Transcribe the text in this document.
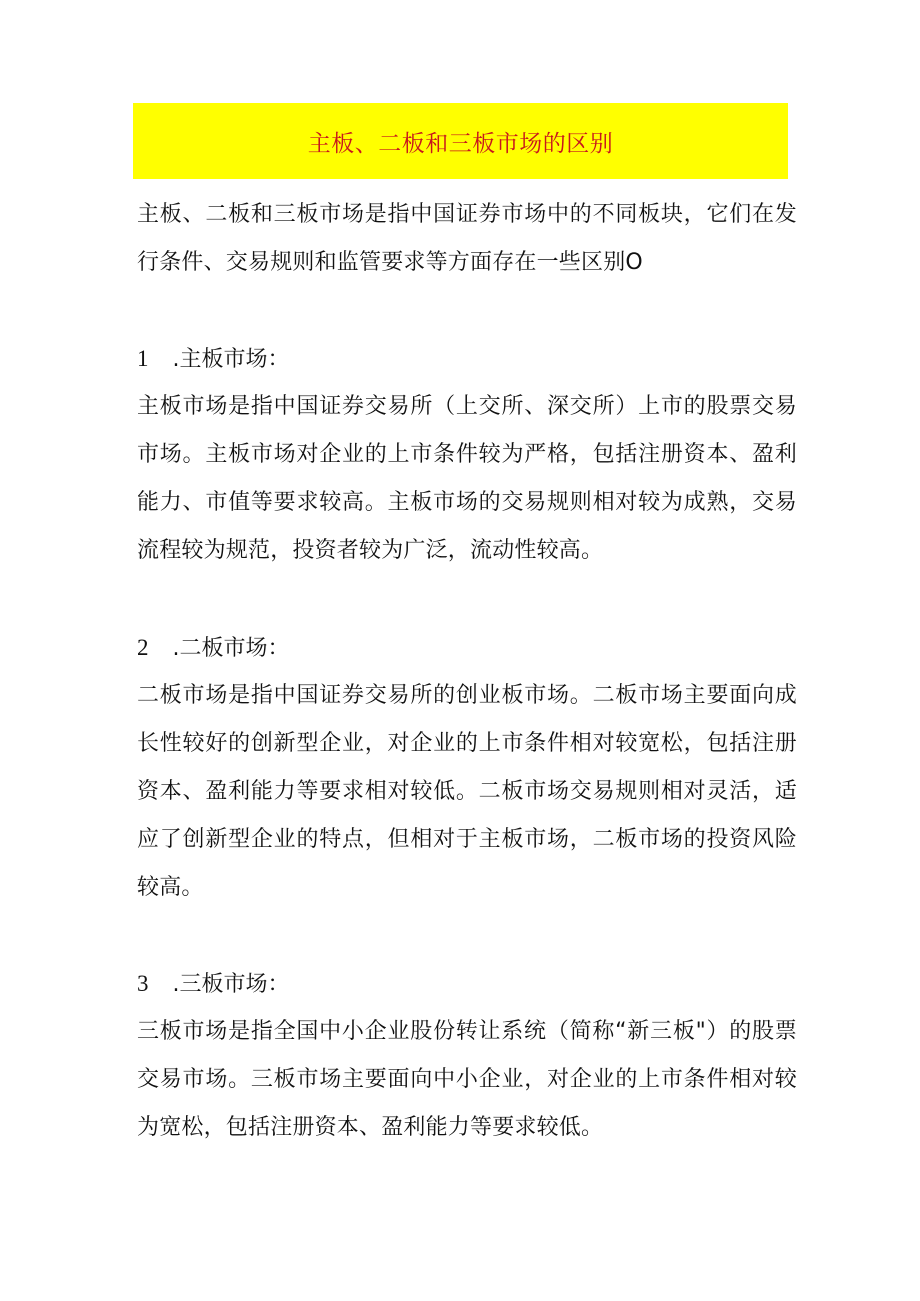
主板、二板和三板市场的区别

主板、二板和三板市场是指中国证券市场中的不同板块，它们在发行条件、交易规则和监管要求等方面存在一些区别O

1 .主板市场：

主板市场是指中国证券交易所（上交所、深交所）上市的股票交易市场。主板市场对企业的上市条件较为严格，包括注册资本、盈利能力、市值等要求较高。主板市场的交易规则相对较为成熟，交易流程较为规范，投资者较为广泛，流动性较高。

2 .二板市场：

二板市场是指中国证券交易所的创业板市场。二板市场主要面向成长性较好的创新型企业，对企业的上市条件相对较宽松，包括注册资本、盈利能力等要求相对较低。二板市场交易规则相对灵活，适应了创新型企业的特点，但相对于主板市场，二板市场的投资风险较高。

3 .三板市场：

三板市场是指全国中小企业股份转让系统（简称“新三板"）的股票交易市场。三板市场主要面向中小企业，对企业的上市条件相对较为宽松，包括注册资本、盈利能力等要求较低。
